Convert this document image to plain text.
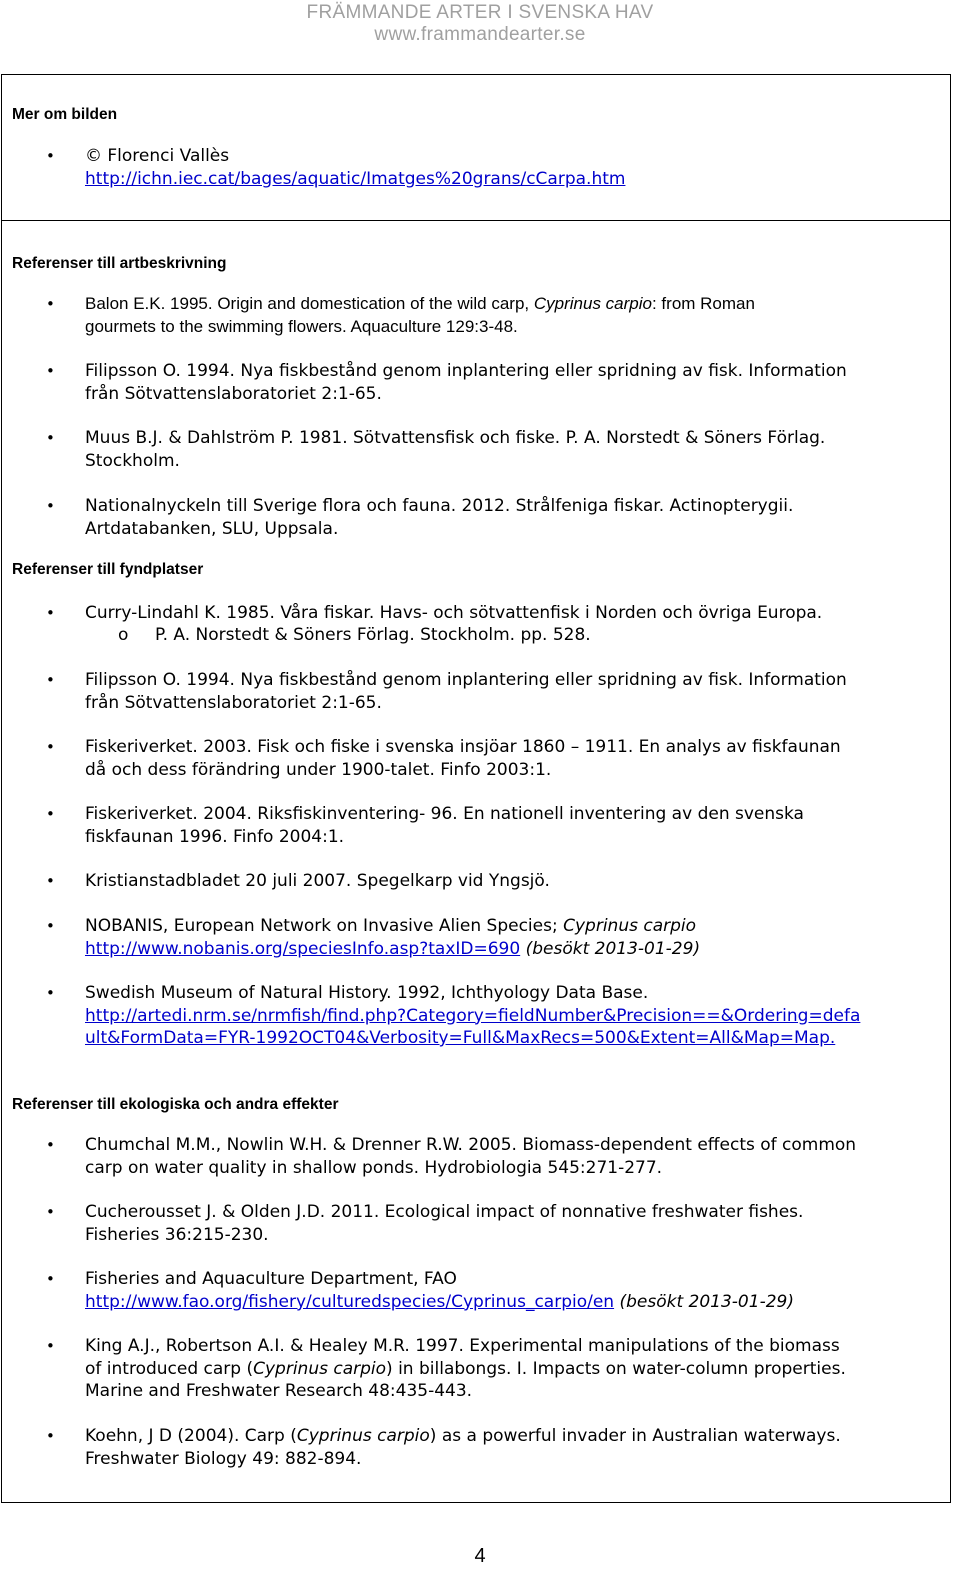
FRÄMMANDE ARTER I SVENSKA HAV
www.frammandearter.se
Mer om bilden
• © Florenci Vallès
http://ichn.iec.cat/bages/aquatic/Imatges%20grans/cCarpa.htm
Referenser till artbeskrivning
• Balon E.K. 1995. Origin and domestication of the wild carp, Cyprinus carpio: from Roman
gourmets to the swimming flowers. Aquaculture 129:3-48.
• Filipsson O. 1994. Nya fiskbestånd genom inplantering eller spridning av fisk. Information
från Sötvattenslaboratoriet 2:1-65.
• Muus B.J. & Dahlström P. 1981. Sötvattensfisk och fiske. P. A. Norstedt & Söners Förlag.
Stockholm.
• Nationalnyckeln till Sverige flora och fauna. 2012. Strålfeniga fiskar. Actinopterygii.
Artdatabanken, SLU, Uppsala.
Referenser till fyndplatser
• Curry-Lindahl K. 1985. Våra fiskar. Havs- och sötvattenfisk i Norden och övriga Europa.
o P. A. Norstedt & Söners Förlag. Stockholm. pp. 528.
• Filipsson O. 1994. Nya fiskbestånd genom inplantering eller spridning av fisk. Information
från Sötvattenslaboratoriet 2:1-65.
• Fiskeriverket. 2003. Fisk och fiske i svenska insjöar 1860 – 1911. En analys av fiskfaunan
då och dess förändring under 1900-talet. Finfo 2003:1.
• Fiskeriverket. 2004. Riksfiskinventering- 96. En nationell inventering av den svenska
fiskfaunan 1996. Finfo 2004:1.
• Kristianstadbladet 20 juli 2007. Spegelkarp vid Yngsjö.
• NOBANIS, European Network on Invasive Alien Species; Cyprinus carpio
http://www.nobanis.org/speciesInfo.asp?taxID=690 (besökt 2013-01-29)
• Swedish Museum of Natural History. 1992, Ichthyology Data Base.
http://artedi.nrm.se/nrmfish/find.php?Category=fieldNumber&Precision==&Ordering=defa
ult&FormData=FYR-1992OCT04&Verbosity=Full&MaxRecs=500&Extent=All&Map=Map.
Referenser till ekologiska och andra effekter
• Chumchal M.M., Nowlin W.H. & Drenner R.W. 2005. Biomass-dependent effects of common
carp on water quality in shallow ponds. Hydrobiologia 545:271-277.
• Cucherousset J. & Olden J.D. 2011. Ecological impact of nonnative freshwater fishes.
Fisheries 36:215-230.
• Fisheries and Aquaculture Department, FAO
http://www.fao.org/fishery/culturedspecies/Cyprinus_carpio/en (besökt 2013-01-29)
• King A.J., Robertson A.I. & Healey M.R. 1997. Experimental manipulations of the biomass
of introduced carp (Cyprinus carpio) in billabongs. I. Impacts on water-column properties.
Marine and Freshwater Research 48:435-443.
• Koehn, J D (2004). Carp (Cyprinus carpio) as a powerful invader in Australian waterways.
Freshwater Biology 49: 882-894.
4
